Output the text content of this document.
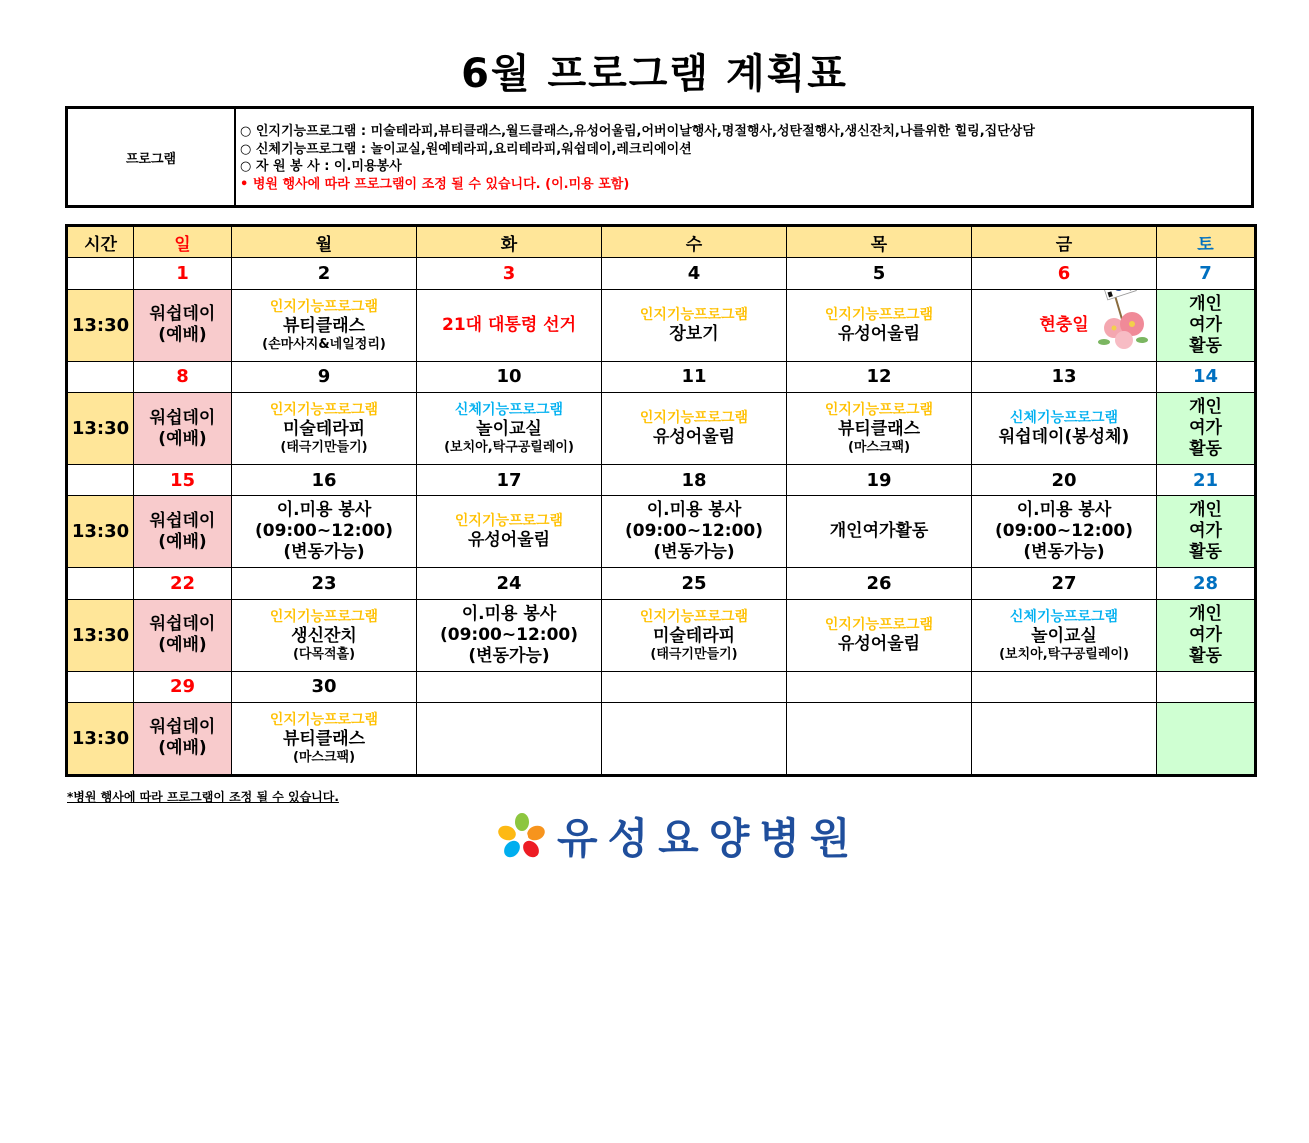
6월 프로그램 계획표
프로그램
○ 인지기능프로그램 : 미술테라피,뷰티클래스,월드클래스,유성어울림,어버이날행사,명절행사,성탄절행사,생신잔치,나를위한 힐링,집단상담
○ 신체기능프로그램 : 놀이교실,원예테라피,요리테라피,워쉽데이,레크리에이션
○ 자 원 봉 사 : 이.미용봉사
• 병원 행사에 따라 프로그램이 조정 될 수 있습니다. (이.미용 포함)
시간	일	월	화	수	목	금	토
	1	2	3	4	5	6	7
13:30	워쉽데이
(예배)	인지기능프로그램
뷰티클래스
(손마사지&네일정리)	21대 대통령 선거	인지기능프로그램
장보기	인지기능프로그램
유성어울림	현충일	개인
여가
활동

	8	9	10	11	12	13	14
13:30	워쉽데이
(예배)	인지기능프로그램
미술테라피
(태극기만들기)	신체기능프로그램
놀이교실
(보치아,탁구공릴레이)	인지기능프로그램
유성어울림	인지기능프로그램
뷰티클래스
(마스크팩)	신체기능프로그램
워쉽데이(봉성체)	개인
여가
활동

	15	16	17	18	19	20	21
13:30	워쉽데이
(예배)	이.미용 봉사
(09:00~12:00)
(변동가능)	인지기능프로그램
유성어울림	이.미용 봉사
(09:00~12:00)
(변동가능)	개인여가활동	이.미용 봉사
(09:00~12:00)
(변동가능)	개인
여가
활동

	22	23	24	25	26	27	28
13:30	워쉽데이
(예배)	인지기능프로그램
생신잔치
(다목적홀)	이.미용 봉사
(09:00~12:00)
(변동가능)	인지기능프로그램
미술테라피
(태극기만들기)	인지기능프로그램
유성어울림	신체기능프로그램
놀이교실
(보치아,탁구공릴레이)	개인
여가
활동

	29	30					
13:30	워쉽데이
(예배)	인지기능프로그램
뷰티클래스
(마스크팩)					

*병원 행사에 따라 프로그램이 조정 될 수 있습니다.
유성요양병원
